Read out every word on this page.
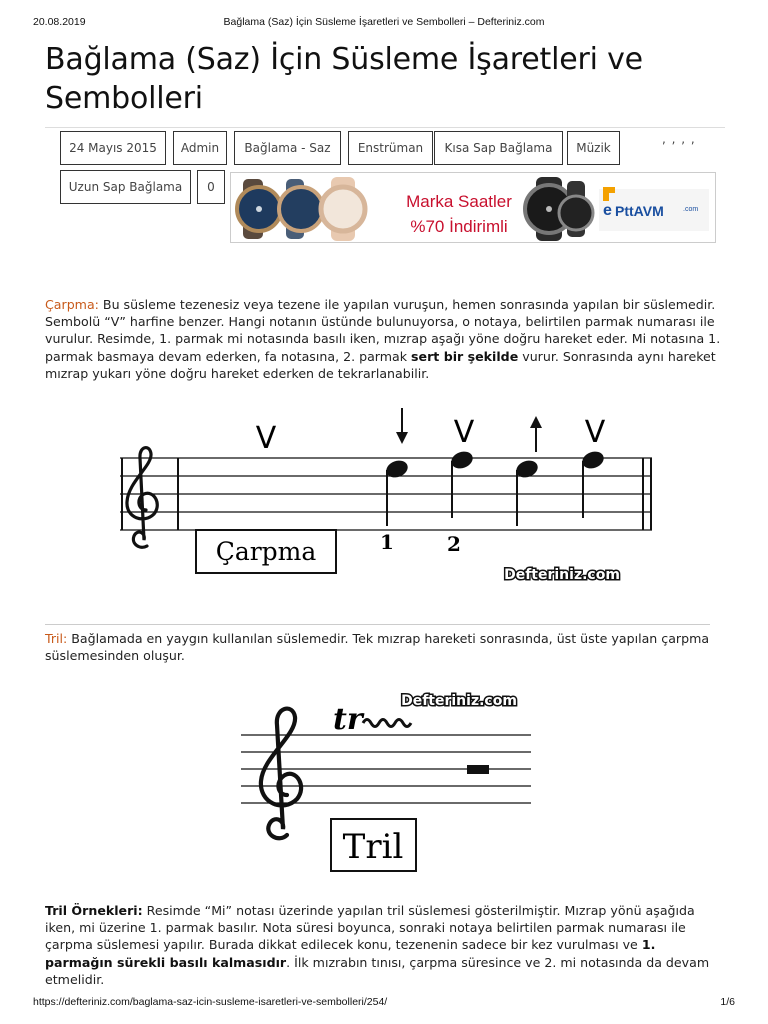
20.08.2019	Bağlama (Saz) İçin Süsleme İşaretleri ve Sembolleri – Defteriniz.com
Bağlama (Saz) İçin Süsleme İşaretleri ve Sembolleri
24 Mayıs 2015	Admin	Bağlama - Saz	Enstrüman	Kısa Sap Bağlama	Müzik
, , , ,
Uzun Sap Bağlama	0
Marka Saatler
%70 İndirimli
e PttAVM	.com

Çarpma: Bu süsleme tezenesiz veya tezene ile yapılan vuruşun, hemen sonrasında yapılan bir süslemedir. Sembolü “V” harfine benzer. Hangi notanın üstünde bulunuyorsa, o notaya, belirtilen parmak numarası ile vurulur. Resimde, 1. parmak mi notasında basılı iken, mızrap aşağı yöne doğru hareket eder. Mi notasına 1. parmak basmaya devam ederken, fa notasına, 2. parmak sert bir şekilde vurur. Sonrasında aynı hareket mızrap yukarı yöne doğru hareket ederken de tekrarlanabilir.

V	V	V
1	2
Çarpma
Defteriniz.com

Tril: Bağlamada en yaygın kullanılan süslemedir. Tek mızrap hareketi sonrasında, üst üste yapılan çarpma süslemesinden oluşur.

tr
Tril
Defteriniz.com

Tril Örnekleri: Resimde “Mi” notası üzerinde yapılan tril süslemesi gösterilmiştir. Mızrap yönü aşağıda iken, mi üzerine 1. parmak basılır. Nota süresi boyunca, sonraki notaya belirtilen parmak numarası ile çarpma süslemesi yapılır. Burada dikkat edilecek konu, tezenenin sadece bir kez vurulması ve 1. parmağın sürekli basılı kalmasıdır. İlk mızrabın tınısı, çarpma süresince ve 2. mi notasında da devam etmelidir.

https://defteriniz.com/baglama-saz-icin-susleme-isaretleri-ve-sembolleri/254/	1/6
